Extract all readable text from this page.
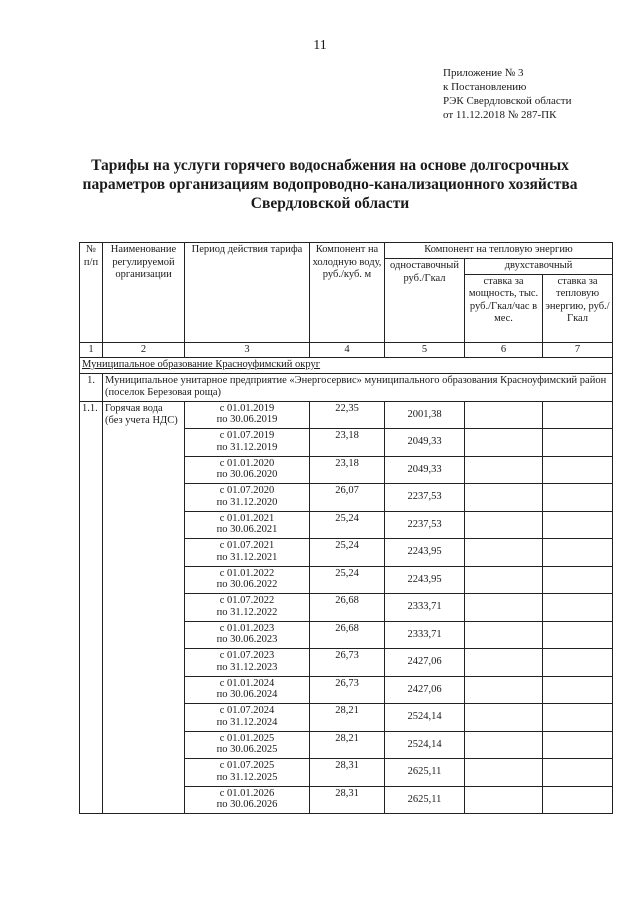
11
Приложение № 3
к Постановлению
РЭК Свердловской области
от 11.12.2018 № 287-ПК
Тарифы на услуги горячего водоснабжения на основе долгосрочных
параметров организациям водопроводно-канализационного хозяйства
Свердловской области
№ п/п	Наименование регулируемой организации	Период действия тарифа	Компонент на холодную воду, руб./куб. м	Компонент на тепловую энергию		
				одноставочный руб./Гкал	двухставочный	
					ставка за мощность, тыс. руб./Гкал/час в мес.	ставка за тепловую энергию, руб./Гкал
1	2	3	4	5	6	7
Муниципальное образование Красноуфимский округ						
1.	Муниципальное унитарное предприятие «Энергосервис» муниципального образования Красноуфимский район (поселок Березовая роща)					
1.1.	Горячая вода (без учета НДС)	с 01.01.2019
по 30.06.2019	22,35	2001,38		

		с 01.07.2019
по 31.12.2019	23,18	2049,33		

		с 01.01.2020
по 30.06.2020	23,18	2049,33		

		с 01.07.2020
по 31.12.2020	26,07	2237,53		

		с 01.01.2021
по 30.06.2021	25,24	2237,53		

		с 01.07.2021
по 31.12.2021	25,24	2243,95		

		с 01.01.2022
по 30.06.2022	25,24	2243,95		

		с 01.07.2022
по 31.12.2022	26,68	2333,71		

		с 01.01.2023
по 30.06.2023	26,68	2333,71		

		с 01.07.2023
по 31.12.2023	26,73	2427,06		

		с 01.01.2024
по 30.06.2024	26,73	2427,06		

		с 01.07.2024
по 31.12.2024	28,21	2524,14		

		с 01.01.2025
по 30.06.2025	28,21	2524,14		

		с 01.07.2025
по 31.12.2025	28,31	2625,11		

		с 01.01.2026
по 30.06.2026	28,31	2625,11		
